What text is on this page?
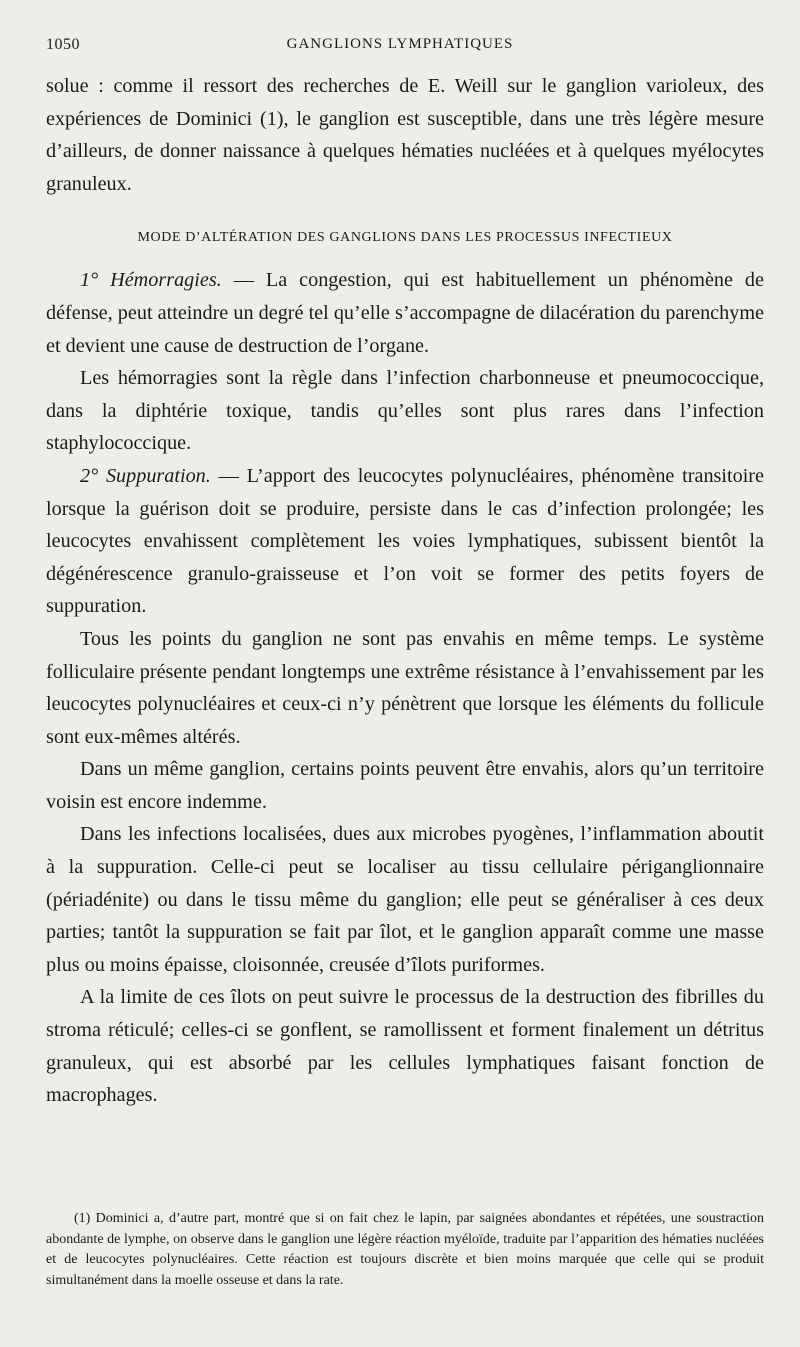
1050	GANGLIONS LYMPHATIQUES

solue : comme il ressort des recherches de E. Weill sur le ganglion varioleux, des expériences de Dominici (1), le ganglion est susceptible, dans une très légère mesure d’ailleurs, de donner naissance à quelques hématies nucléées et à quelques myélocytes granuleux.

MODE D’ALTÉRATION DES GANGLIONS DANS LES PROCESSUS INFECTIEUX

1° Hémorragies. — La congestion, qui est habituellement un phénomène de défense, peut atteindre un degré tel qu’elle s’accompagne de dilacération du parenchyme et devient une cause de destruction de l’organe.

Les hémorragies sont la règle dans l’infection charbonneuse et pneumococcique, dans la diphtérie toxique, tandis qu’elles sont plus rares dans l’infection staphylococcique.

2° Suppuration. — L’apport des leucocytes polynucléaires, phénomène transitoire lorsque la guérison doit se produire, persiste dans le cas d’infection prolongée; les leucocytes envahissent complètement les voies lymphatiques, subissent bientôt la dégénérescence granulo-graisseuse et l’on voit se former des petits foyers de suppuration.

Tous les points du ganglion ne sont pas envahis en même temps. Le système folliculaire présente pendant longtemps une extrême résistance à l’envahissement par les leucocytes polynucléaires et ceux-ci n’y pénètrent que lorsque les éléments du follicule sont eux-mêmes altérés.

Dans un même ganglion, certains points peuvent être envahis, alors qu’un territoire voisin est encore indemme.

Dans les infections localisées, dues aux microbes pyogènes, l’inflammation aboutit à la suppuration. Celle-ci peut se localiser au tissu cellulaire périganglionnaire (périadénite) ou dans le tissu même du ganglion; elle peut se généraliser à ces deux parties; tantôt la suppuration se fait par îlot, et le ganglion apparaît comme une masse plus ou moins épaisse, cloisonnée, creusée d’îlots puriformes.

A la limite de ces îlots on peut suivre le processus de la destruction des fibrilles du stroma réticulé; celles-ci se gonflent, se ramollissent et forment finalement un détritus granuleux, qui est absorbé par les cellules lymphatiques faisant fonction de macrophages.

(1) Dominici a, d’autre part, montré que si on fait chez le lapin, par saignées abondantes et répétées, une soustraction abondante de lymphe, on observe dans le ganglion une légère réaction myéloïde, traduite par l’apparition des hématies nucléées et de leucocytes polynucléaires. Cette réaction est toujours discrète et bien moins marquée que celle qui se produit simultanément dans la moelle osseuse et dans la rate.
